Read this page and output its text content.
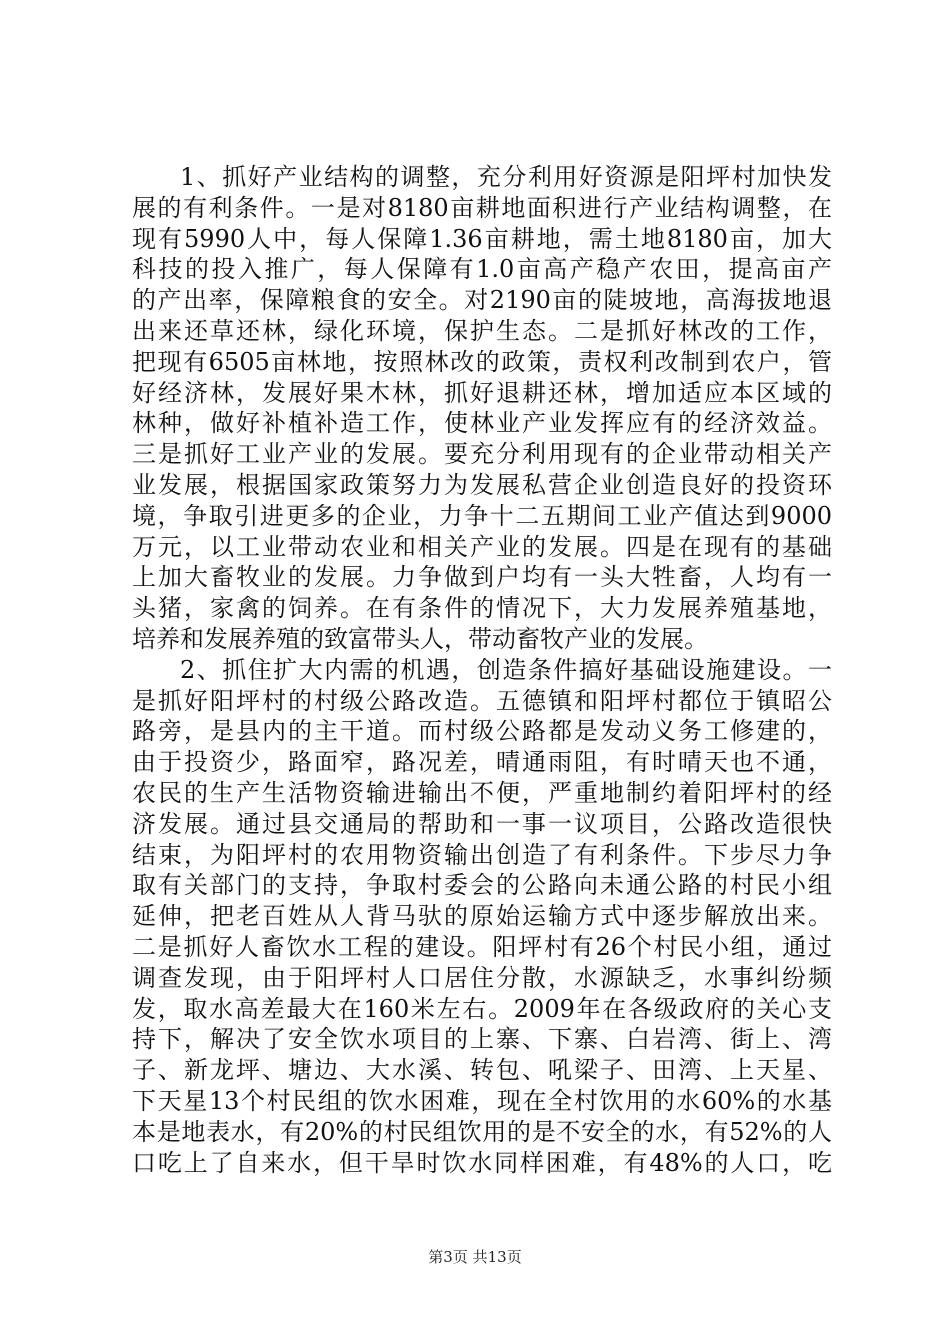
1、抓好产业结构的调整，充分利用好资源是阳坪村加快发
展的有利条件。一是对8180亩耕地面积进行产业结构调整，在
现有5990人中，每人保障1.36亩耕地，需土地8180亩，加大
科技的投入推广，每人保障有1.0亩高产稳产农田，提高亩产
的产出率，保障粮食的安全。对2190亩的陡坡地，高海拔地退
出来还草还林，绿化环境，保护生态。二是抓好林改的工作，
把现有6505亩林地，按照林改的政策，责权利改制到农户，管
好经济林，发展好果木林，抓好退耕还林，增加适应本区域的
林种，做好补植补造工作，使林业产业发挥应有的经济效益。
三是抓好工业产业的发展。要充分利用现有的企业带动相关产
业发展，根据国家政策努力为发展私营企业创造良好的投资环
境，争取引进更多的企业，力争十二五期间工业产值达到9000
万元，以工业带动农业和相关产业的发展。四是在现有的基础
上加大畜牧业的发展。力争做到户均有一头大牲畜，人均有一
头猪，家禽的饲养。在有条件的情况下，大力发展养殖基地，
培养和发展养殖的致富带头人，带动畜牧产业的发展。
2、抓住扩大内需的机遇，创造条件搞好基础设施建设。一
是抓好阳坪村的村级公路改造。五德镇和阳坪村都位于镇昭公
路旁，是县内的主干道。而村级公路都是发动义务工修建的，
由于投资少，路面窄，路况差，晴通雨阻，有时晴天也不通，
农民的生产生活物资输进输出不便，严重地制约着阳坪村的经
济发展。通过县交通局的帮助和一事一议项目，公路改造很快
结束，为阳坪村的农用物资输出创造了有利条件。下步尽力争
取有关部门的支持，争取村委会的公路向未通公路的村民小组
延伸，把老百姓从人背马驮的原始运输方式中逐步解放出来。
二是抓好人畜饮水工程的建设。阳坪村有26个村民小组，通过
调查发现，由于阳坪村人口居住分散，水源缺乏，水事纠纷频
发，取水高差最大在160米左右。2009年在各级政府的关心支
持下，解决了安全饮水项目的上寨、下寨、白岩湾、街上、湾
子、新龙坪、塘边、大水溪、转包、吼梁子、田湾、上天星、
下天星13个村民组的饮水困难，现在全村饮用的水60%的水基
本是地表水，有20%的村民组饮用的是不安全的水，有52%的人
口吃上了自来水，但干旱时饮水同样困难，有48%的人口，吃
第3页 共13页
